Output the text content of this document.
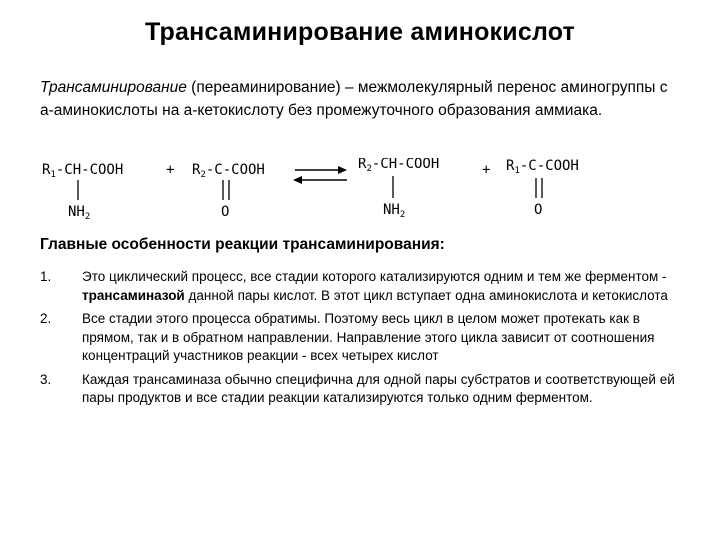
Трансаминирование аминокислот
Трансаминирование (переаминирование) – межмолекулярный перенос аминогруппы с а-аминокислоты на а-кетокислоту без промежуточного образования аммиака.
$R_1-CH$-COOH
$NH_2$
+ $R_2-C$-COOH
O
$R_2-CH$-COOH
$NH_2$
+ $R_1-C$-COOH
O
Главные особенности реакции трансаминирования:
1.	Это циклический процесс, все стадии которого катализируются одним и тем же ферментом - трансаминазой данной пары кислот. В этот цикл вступает одна аминокислота и кетокислота
2.	Все стадии этого процесса обратимы. Поэтому весь цикл в целом может протекать как в прямом, так и в обратном направлении. Направление этого цикла зависит от соотношения концентраций участников реакции - всех четырех кислот
3.	Каждая трансаминаза обычно специфична для одной пары субстратов и соответствующей ей пары продуктов и все стадии реакции катализируются только одним ферментом.
